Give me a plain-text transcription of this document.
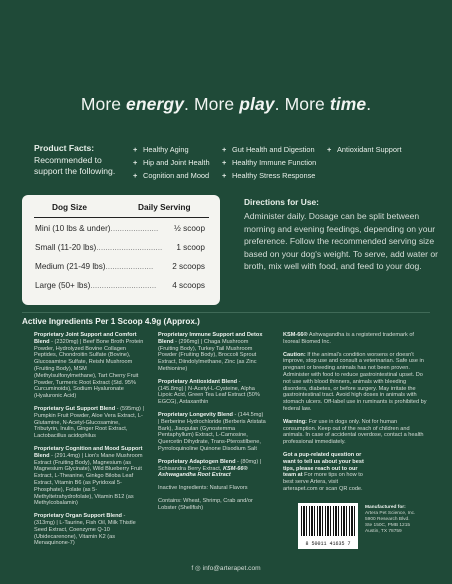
More energy. More play. More time.
Product Facts:
Recommended to support the following.
+ Healthy Aging
+ Hip and Joint Health
+ Cognition and Mood
+ Gut Health and Digestion
+ Healthy Immune Function
+ Healthy Stress Response
+ Antioxidant Support
Dog Size	Daily Serving
Mini (10 lbs & under)..................... ½ scoop
Small (11-20 lbs)............................. 1 scoop
Medium (21-49 lbs)..................... 2 scoops
Large (50+ lbs)............................. 4 scoops
Directions for Use:
Administer daily. Dosage can be split between morning and evening feedings, depending on your preference. Follow the recommended serving size based on your dog's weight. To serve, add water or broth, mix well with food, and feed to your dog.
Active Ingredients Per 1 Scoop 4.9g (Approx.)
Proprietary Joint Support and Comfort Blend - (2320mg) | Beef Bone Broth Protein Powder, Hydrolyzed Bovine Collagen Peptides, Chondroitin Sulfate (Bovine), Glucosamine Sulfate, Reishi Mushroom (Fruiting Body), MSM (Methylsulfonylmethane), Tart Cherry Fruit Powder, Turmeric Root Extract (Std. 95% Curcuminoids), Sodium Hyaluronate (Hyaluronic Acid)
Proprietary Gut Support Blend - (595mg) | Pumpkin Fruit Powder, Aloe Vera Extract, L-Glutamine, N-Acetyl-Glucosamine, Tributyrin, Inulin, Ginger Root Extract, Lactobacillus acidophilus
Proprietary Cognition and Mood Support Blend - (291.4mg) | Lion's Mane Mushroom Extract (Fruiting Body), Magnesium (as Magnesium Glycinate), Wild Blueberry Fruit Extract, L-Theanine, Ginkgo Biloba Leaf Extract, Vitamin B6 (as Pyridoxal 5-Phosphate), Folate (as 5-Methyltetrahydrofolate), Vitamin B12 (as Methylcobalamin)
Proprietary Organ Support Blend - (313mg) | L-Taurine, Fish Oil, Milk Thistle Seed Extract, Coenzyme Q-10 (Ubidecarenone), Vitamin K2 (as Menaquinone-7)
Proprietary Immune Support and Detox Blend - (296mg) | Chaga Mushroom (Fruiting Body), Turkey Tail Mushroom Powder (Fruiting Body), Broccoli Sprout Extract, Diindolylmethane, Zinc (as Zinc Methionine)
Proprietary Antioxidant Blend - (145.8mg) | N-Acetyl-L-Cysteine, Alpha Lipoic Acid, Green Tea Leaf Extract (50% EGCG), Astaxanthin
Proprietary Longevity Blend - (144.5mg) | Berberine Hydrochloride (Berberis Aristata Bark), Jiaogulan (Gynostemma Pentaphyllum) Extract, L-Carnosine, Quercetin Dihydrate, Trans-Pterostilbene, Pyrroloquinoline Quinone Disodium Salt
Proprietary Adaptogen Blend - (80mg) | Schisandra Berry Extract, KSM-66® Ashwagandha Root Extract
Inactive Ingredients: Natural Flavors
Contains: Wheat, Shrimp, Crab and/or Lobster (Shellfish)
KSM-66® Ashwagandha is a registered trademark of Ixoreal Biomed Inc.
Caution: If the animal's condition worsens or doesn't improve, stop use and consult a veterinarian. Safe use in pregnant or breeding animals has not been proven. Administer with food to reduce gastrointestinal upset. Do not use with blood thinners, animals with bleeding disorders, diabetes, or before surgery. May irritate the gastrointestinal tract. Avoid high doses in animals with stomach ulcers. Off-label use in ruminants is prohibited by federal law.
Warning: For use in dogs only. Not for human consumption. Keep out of the reach of children and animals. In case of accidental overdose, contact a health professional immediately.
Got a pup-related question or want to tell us about your best tips, please reach out to our team at For more tips on how to best serve Artera, visit arterapet.com or scan QR code.
8 50011 41635 7
Manufactured for:
Artera Pet Science, Inc.
5900 Research Blvd.
Ste 150C, PMB 1215
Austin, TX 78759
f ◎ info@arterapet.com
